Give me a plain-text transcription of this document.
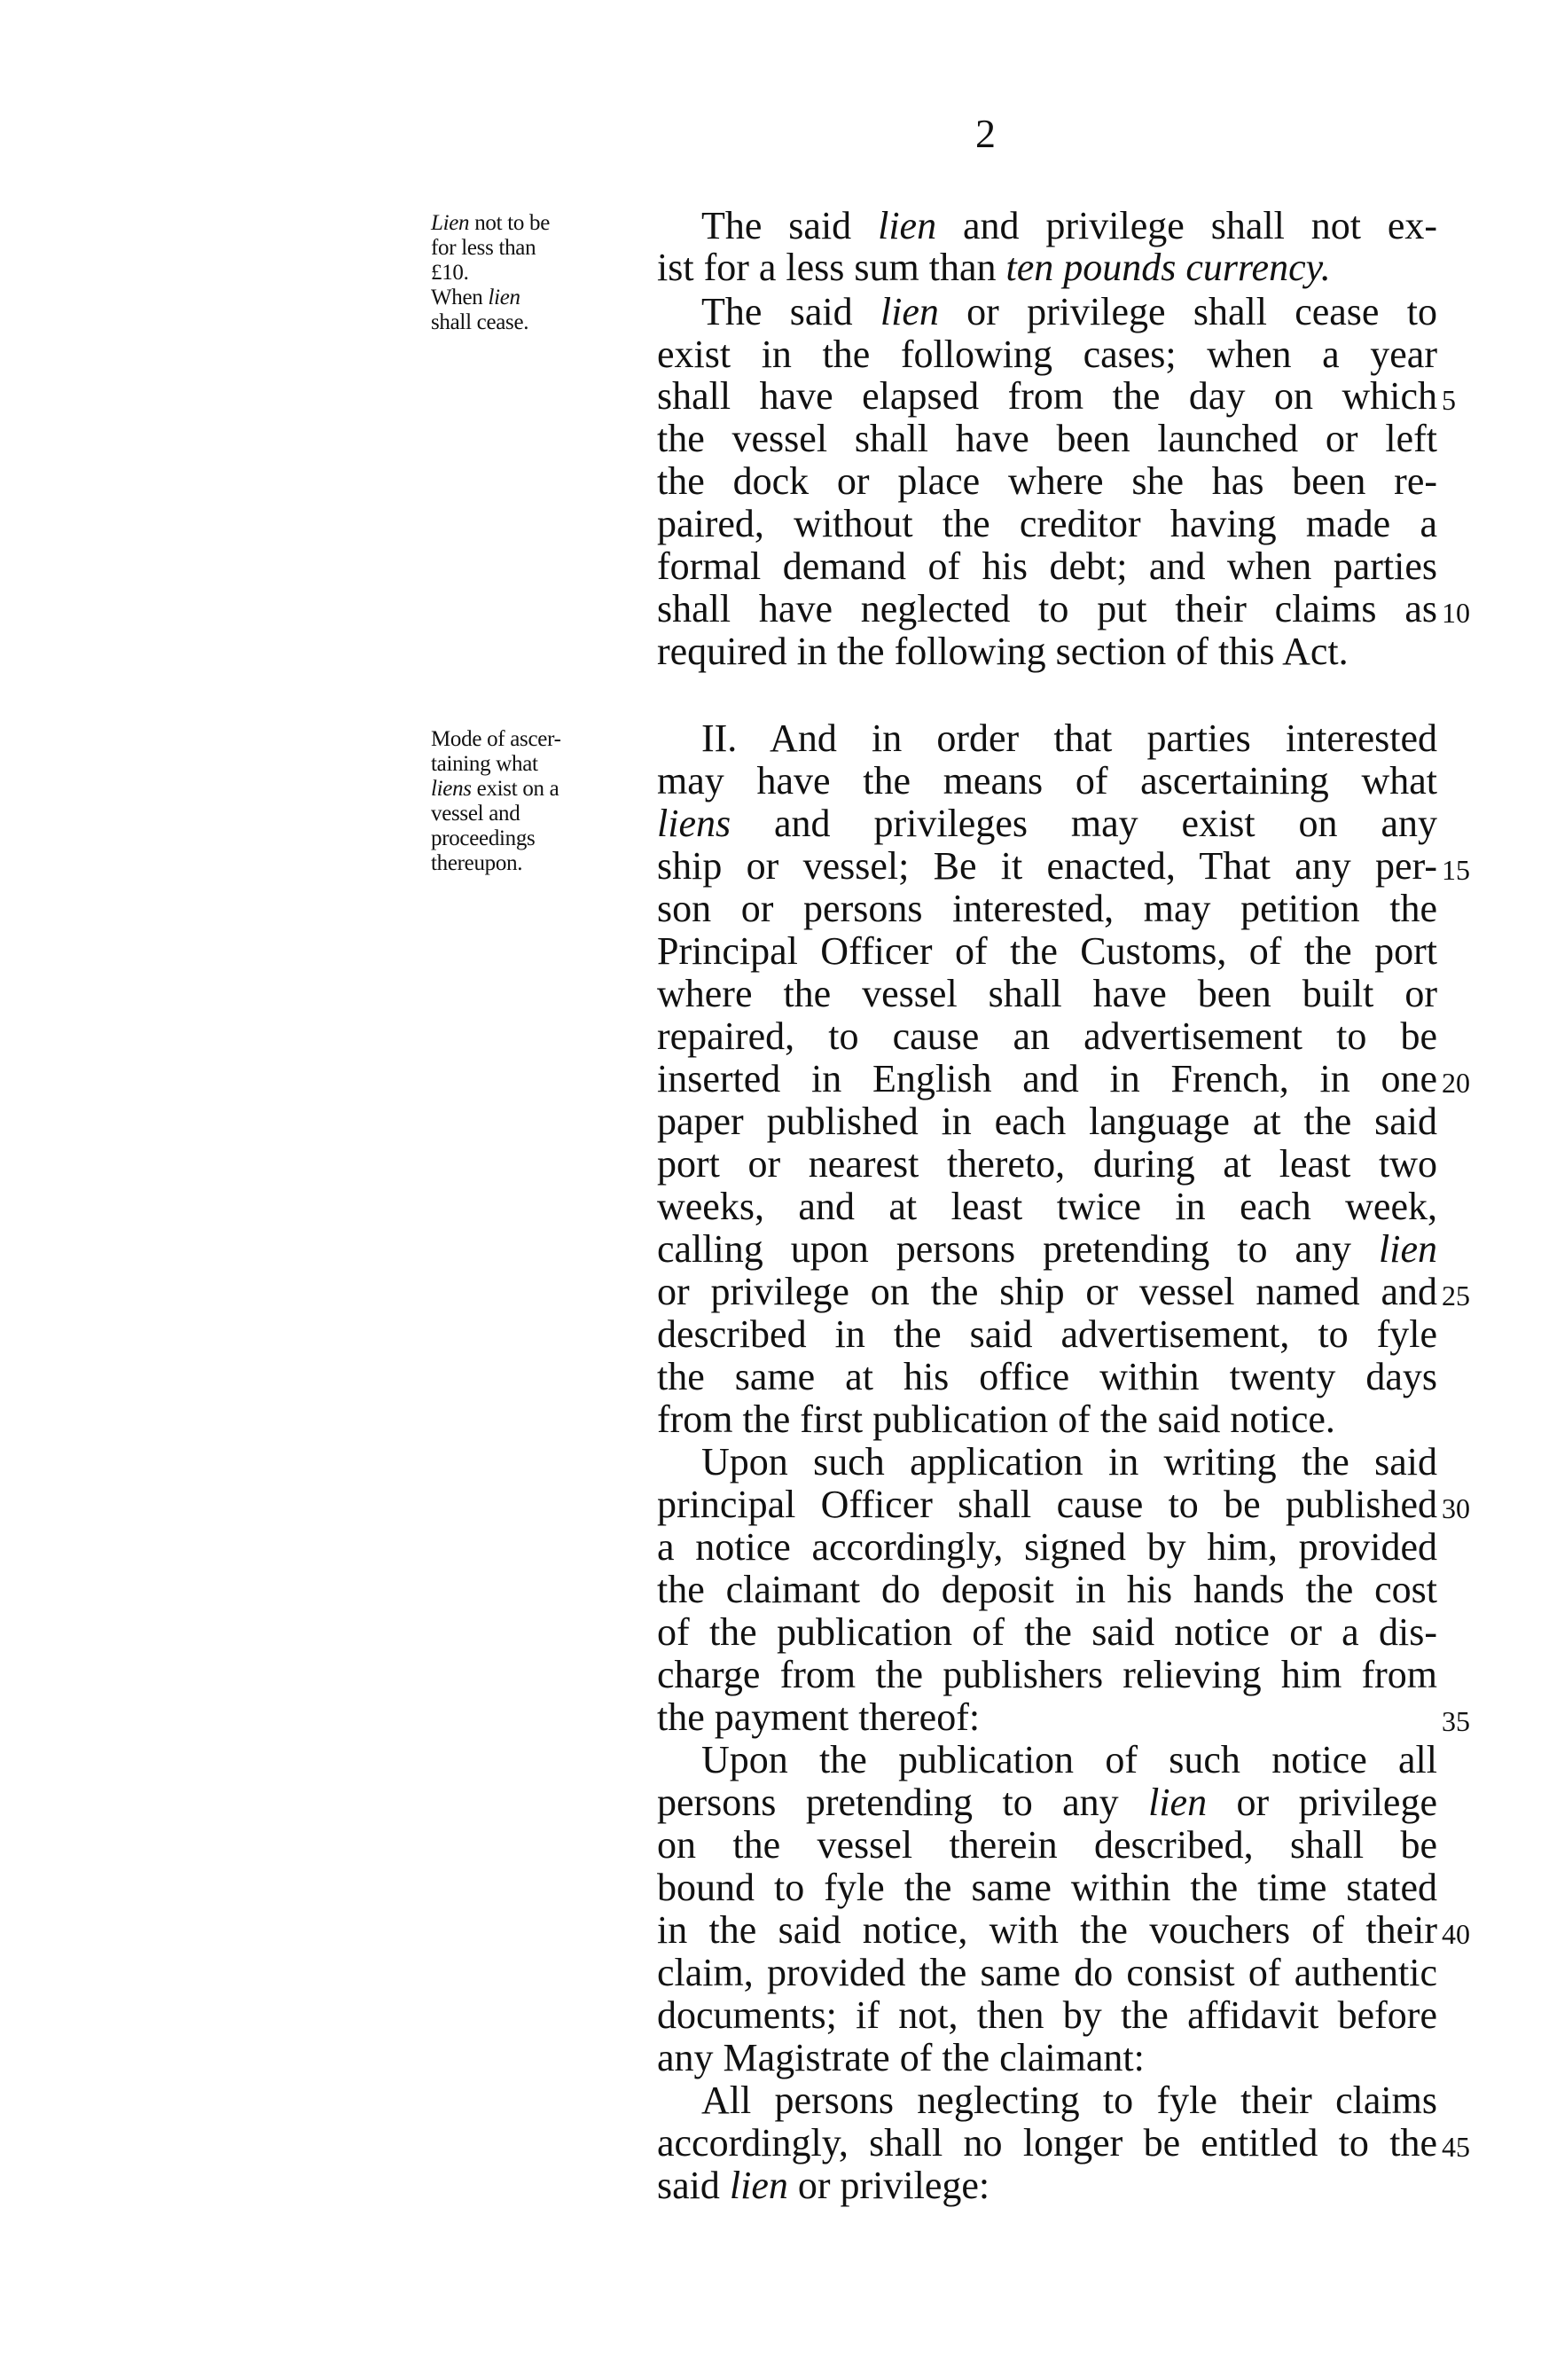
2
Lien not to be
for less than
£10.
When lien
shall cease.
Mode of ascer-
taining what
liens exist on a
vessel and
proceedings
thereupon.
The said lien and privilege shall not ex-
ist for a less sum than ten pounds currency.
The said lien or privilege shall cease to
exist in the following cases; when a year
shall have elapsed from the day on which
the vessel shall have been launched or left
the dock or place where she has been re-
paired, without the creditor having made a
formal demand of his debt; and when parties
shall have neglected to put their claims as
required in the following section of this Act.
II. And in order that parties interested
may have the means of ascertaining what
liens and privileges may exist on any
ship or vessel; Be it enacted, That any per-
son or persons interested, may petition the
Principal Officer of the Customs, of the port
where the vessel shall have been built or
repaired, to cause an advertisement to be
inserted in English and in French, in one
paper published in each language at the said
port or nearest thereto, during at least two
weeks, and at least twice in each week,
calling upon persons pretending to any lien
or privilege on the ship or vessel named and
described in the said advertisement, to fyle
the same at his office within twenty days
from the first publication of the said notice.
Upon such application in writing the said
principal Officer shall cause to be published
a notice accordingly, signed by him, provided
the claimant do deposit in his hands the cost
of the publication of the said notice or a dis-
charge from the publishers relieving him from
the payment thereof:
Upon the publication of such notice all
persons pretending to any lien or privilege
on the vessel therein described, shall be
bound to fyle the same within the time stated
in the said notice, with the vouchers of their
claim, provided the same do consist of authentic
documents; if not, then by the affidavit before
any Magistrate of the claimant:
All persons neglecting to fyle their claims
accordingly, shall no longer be entitled to the
said lien or privilege:
5
10
15
20
25
30
35
40
45
